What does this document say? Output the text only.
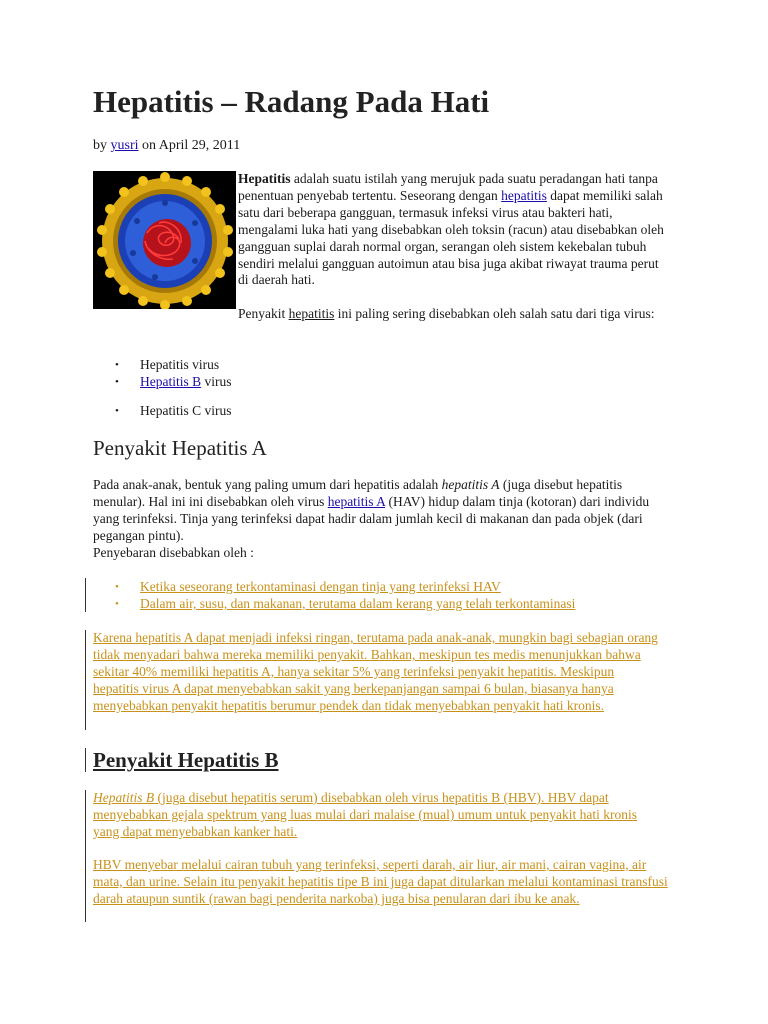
Hepatitis – Radang Pada Hati
by yusri on April 29, 2011
Hepatitis adalah suatu istilah yang merujuk pada suatu peradangan hati tanpa penentuan penyebab tertentu. Seseorang dengan hepatitis dapat memiliki salah satu dari beberapa gangguan, termasuk infeksi virus atau bakteri hati, mengalami luka hati yang disebabkan oleh toksin (racun) atau disebabkan oleh gangguan suplai darah normal organ, serangan oleh sistem kekebalan tubuh sendiri melalui gangguan autoimun atau bisa juga akibat riwayat trauma perut di daerah hati.
Penyakit hepatitis ini paling sering disebabkan oleh salah satu dari tiga virus:
• Hepatitis virus
• Hepatitis B virus
• Hepatitis C virus
Penyakit Hepatitis A
Pada anak-anak, bentuk yang paling umum dari hepatitis adalah hepatitis A (juga disebut hepatitis menular). Hal ini ini disebabkan oleh virus hepatitis A (HAV) hidup dalam tinja (kotoran) dari individu yang terinfeksi. Tinja yang terinfeksi dapat hadir dalam jumlah kecil di makanan dan pada objek (dari pegangan pintu).
Penyebaran disebabkan oleh :
• Ketika seseorang terkontaminasi dengan tinja yang terinfeksi HAV
• Dalam air, susu, dan makanan, terutama dalam kerang yang telah terkontaminasi
Karena hepatitis A dapat menjadi infeksi ringan, terutama pada anak-anak, mungkin bagi sebagian orang tidak menyadari bahwa mereka memiliki penyakit. Bahkan, meskipun tes medis menunjukkan bahwa sekitar 40% memiliki hepatitis A, hanya sekitar 5% yang terinfeksi penyakit hepatitis. Meskipun hepatitis virus A dapat menyebabkan sakit yang berkepanjangan sampai 6 bulan, biasanya hanya menyebabkan penyakit hepatitis berumur pendek dan tidak menyebabkan penyakit hati kronis.
Penyakit Hepatitis B
Hepatitis B (juga disebut hepatitis serum) disebabkan oleh virus hepatitis B (HBV). HBV dapat menyebabkan gejala spektrum yang luas mulai dari malaise (mual) umum untuk penyakit hati kronis yang dapat menyebabkan kanker hati.
HBV menyebar melalui cairan tubuh yang terinfeksi, seperti darah, air liur, air mani, cairan vagina, air mata, dan urine. Selain itu penyakit hepatitis tipe B ini juga dapat ditularkan melalui kontaminasi transfusi darah ataupun suntik (rawan bagi penderita narkoba) juga bisa penularan dari ibu ke anak.
